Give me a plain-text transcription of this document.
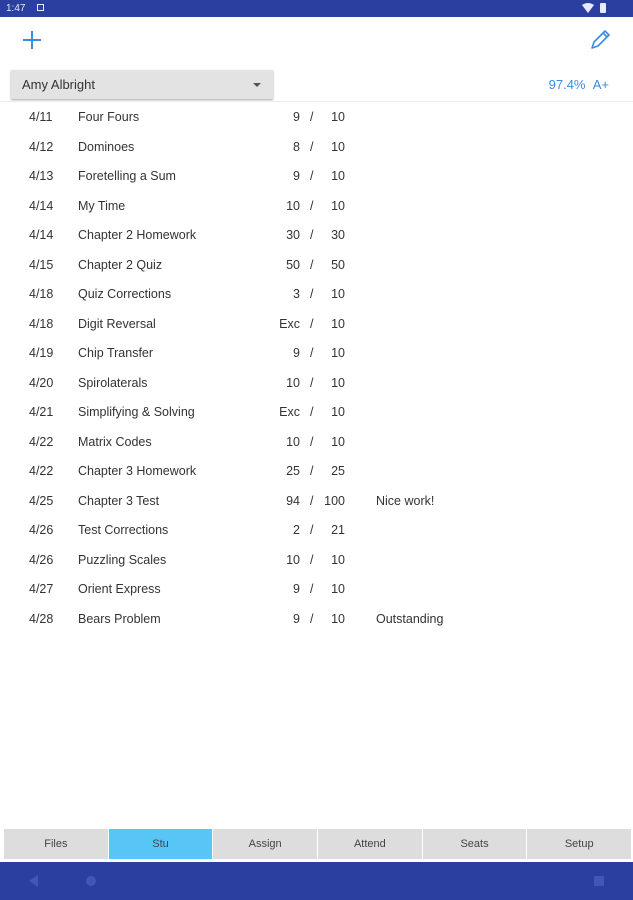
1:47
Amy Albright	97.4% A+
4/11 Four Fours	9 / 10
4/12 Dominoes	8 / 10
4/13 Foretelling a Sum	9 / 10
4/14 My Time	10 / 10
4/14 Chapter 2 Homework	30 / 30
4/15 Chapter 2 Quiz	50 / 50
4/18 Quiz Corrections	3 / 10
4/18 Digit Reversal	Exc / 10
4/19 Chip Transfer	9 / 10
4/20 Spirolaterals	10 / 10
4/21 Simplifying & Solving	Exc / 10
4/22 Matrix Codes	10 / 10
4/22 Chapter 3 Homework	25 / 25
4/25 Chapter 3 Test	94 / 100 Nice work!
4/26 Test Corrections	2 / 21
4/26 Puzzling Scales	10 / 10
4/27 Orient Express	9 / 10
4/28 Bears Problem	9 / 10 Outstanding
Files	Stu	Assign	Attend	Seats	Setup
